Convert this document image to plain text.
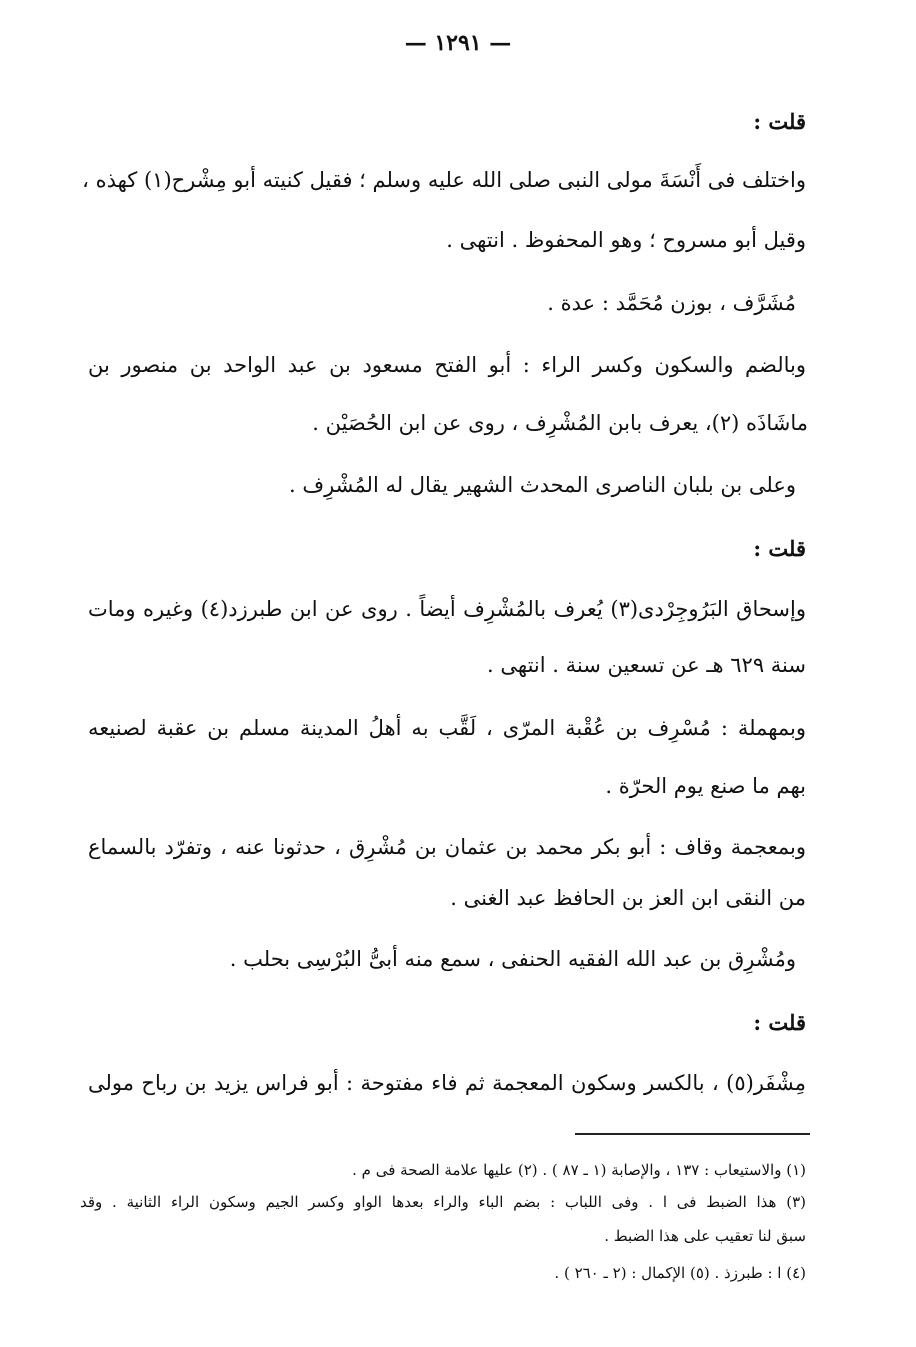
— ١٢٩١ —
قلت :
واختلف فى أَنْسَةَ مولى النبى صلى الله عليه وسلم ؛ فقيل كنيته أبو مِشْرح(١) كهذه ،
وقيل أبو مسروح ؛ وهو المحفوظ . انتهى .
مُشَرَّف ، بوزن مُحَمَّد : عدة .
وبالضم والسكون وكسر الراء : أبو الفتح مسعود بن عبد الواحد بن منصور بن
ماشَاذَه (٢)، يعرف بابن المُشْرِف ، روى عن ابن الحُصَيْن .
وعلى بن بلبان الناصرى المحدث الشهير يقال له المُشْرِف .
قلت :
وإسحاق البَرُوجِرْدى(٣) يُعرف بالمُشْرِف أيضاً . روى عن ابن طبرزد(٤) وغيره ومات
سنة ٦٢٩ هـ عن تسعين سنة . انتهى .
وبمهملة : مُسْرِف بن عُقْبة المرّى ، لَقَّب به أهلُ المدينة مسلم بن عقبة لصنيعه
بهم ما صنع يوم الحرّة .
وبمعجمة وقاف : أبو بكر محمد بن عثمان بن مُشْرِق ، حدثونا عنه ، وتفرّد بالسماع
من النقى ابن العز بن الحافظ عبد الغنى .
ومُشْرِق بن عبد الله الفقيه الحنفى ، سمع منه أبىُّ البُرْسِى بحلب .
قلت :
مِشْفَر(٥) ، بالكسر وسكون المعجمة ثم فاء مفتوحة : أبو فراس يزيد بن رباح مولى
(١) والاستيعاب : ١٣٧ ، والإصابة (١ ـ ٨٧ ) . (٢) عليها علامة الصحة فى م .
(٣) هذا الضبط فى ا . وفى اللباب : بضم الباء والراء بعدها الواو وكسر الجيم وسكون الراء الثانية . وقد
سبق لنا تعقيب على هذا الضبط .
(٤) ا : طبرزذ . (٥) الإكمال : (٢ ـ ٢٦٠ ) .
